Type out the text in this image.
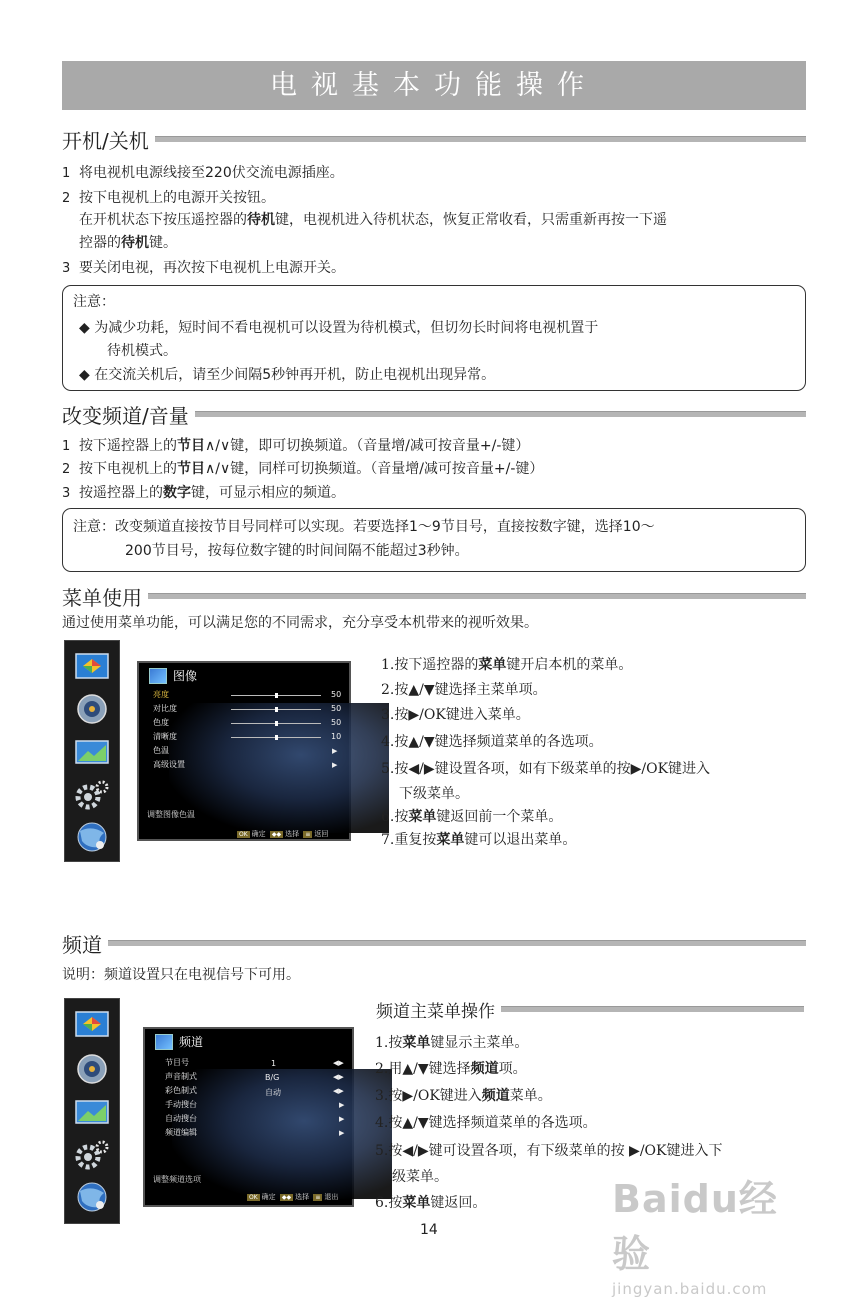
电视基本功能操作
开机/关机
1 将电视机电源线接至220伏交流电源插座。
2 按下电视机上的电源开关按钮。
在开机状态下按压遥控器的待机键，电视机进入待机状态，恢复正常收看，只需重新再按一下遥
控器的待机键。
3 要关闭电视，再次按下电视机上电源开关。
注意：
◆ 为减少功耗，短时间不看电视机可以设置为待机模式，但切勿长时间将电视机置于
待机模式。
◆ 在交流关机后，请至少间隔5秒钟再开机，防止电视机出现异常。
改变频道/音量
1 按下遥控器上的节目∧/∨键，即可切换频道。（音量增/减可按音量+/-键）
2 按下电视机上的节目∧/∨键，同样可切换频道。（音量增/减可按音量+/-键）
3 按遥控器上的数字键，可显示相应的频道。
注意：改变频道直接按节目号同样可以实现。若要选择1～9节目号，直接按数字键，选择10～
200节目号，按每位数字键的时间间隔不能超过3秒钟。
菜单使用
通过使用菜单功能，可以满足您的不同需求，充分享受本机带来的视听效果。
图像
亮度	50
对比度	50
色度	50
清晰度	10
色温	▶
高级设置	▶
调整图像色温
OK 确定 ◆◆ 选择 ≡ 返回
1.按下遥控器的菜单键开启本机的菜单。
2.按▲/▼键选择主菜单项。
3.按▶/OK键进入菜单。
4.按▲/▼键选择频道菜单的各选项。
5.按◀/▶键设置各项，如有下级菜单的按▶/OK键进入
下级菜单。
6.按菜单键返回前一个菜单。
7.重复按菜单键可以退出菜单。
频道
说明：频道设置只在电视信号下可用。
频道主菜单操作
频道
节目号	1	◀▶
声音制式	B/G	◀▶
彩色制式	自动	◀▶
手动搜台	▶
自动搜台	▶
频道编辑	▶
调整频道选项
OK 确定 ◆◆ 选择 ≡ 退出
1.按菜单键显示主菜单。
2.用▲/▼键选择频道项。
3.按▶/OK键进入频道菜单。
4.按▲/▼键选择频道菜单的各选项。
5.按◀/▶键可设置各项，有下级菜单的按 ▶/OK键进入下
级菜单。
6.按菜单键返回。
14
Baidu经验
jingyan.baidu.com
